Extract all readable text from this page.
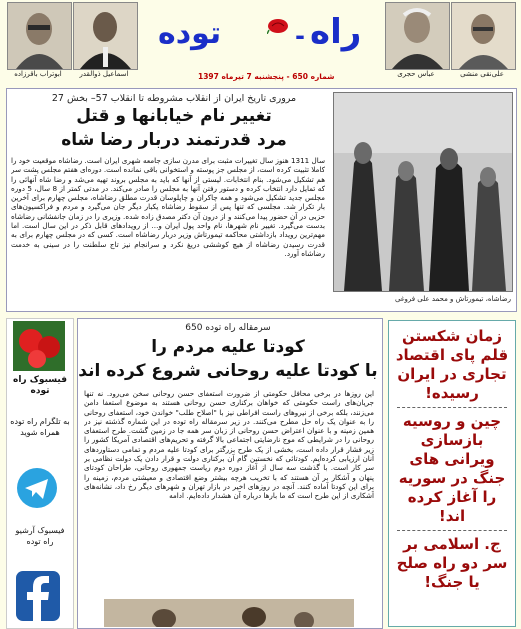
ابوتراب باقرزاده	اسماعیل ذوالقدر
راه
-
توده
شماره 650 - پنجشنبه 7 تیرماه 1397	عباس حجری	علی‌نقی منشی
مروری‌ تاریخ ایران از انقلاب مشروطه تا انقلاب 57– بخش 27
تغییر نام خیابانها و قتل
مرد قدرتمند دربار رضا شاه
سال 1311 هنوز سال تغییرات مثبت برای مدرن سازی جامعه شهری ایران است. رضاشاه موقعیت خود را کاملا تثبیت کرده است، از مجلس جز پوسته و استخوانی باقی نمانده است. دوره‌ای هفتم مجلس پشت سر هم تشکیل می‌شود. بنام انتخابات. لیستی از آنها که باید به مجلس بروند تهیه می‌شد و رضا شاه آنهائی را که تمایل دارد انتخاب کرده و دستور رفتن آنها به مجلس را صادر می‌کند. در مدتی کمتر از 8 سال، 5 دوره مجلس جدید تشکیل می‌شود و همه چاکران و چاپلوسان قدرت مطلق رضاشاه، مجلس چهارم برای آخرین بار تکرار شد. مجلسی که تنها پس از سقوط رضاشاه یکبار دیگر جان می‌گیرد و مردم و فراکسیون‌های حزبی در آن حضور پیدا می‌کنند و از درون آن دکتر مصدق زاده شده. وزیری را در زمان جانفشانی رضاشاه بدست می‌گیرد. تغییر نام شهرها، نام واحد پول ایران و... از رویدادهای قابل ذکر در این سال است. اما مهم‌ترین رویداد بازداشتی محاکمه تیمورتاش وزیر دربار رضاشاه است. کسی که در مجلس چهارم برای به قدرت رسیدن رضاشاه از هیچ کوششی دریغ نکرد و سرانجام نیز تاج سلطنت را در سینی به خدمت رضاشاه آورد.
رضاشاه، تیمورتاش و محمد علی فروغی
فیسبوک راه توده
به تلگرام راه توده همراه شوید
فیسبوک آرشیو راه توده
سرمقاله راه توده 650
کودتا علیه مردم را
با کودتا علیه روحانی شروع کرده اند
این روزها در برخی محافل حکومتی از ضرورت استعفای حسن روحانی سخن می‌رود. نه تنها جریان‌های راست حکومتی که خواهان برکناری حسن روحانی هستند به موضوع استعفا دامن می‌زنند، بلکه برخی از نیروهای راست افراطی نیز با "اصلاح طلب" خواندن خود، استعفای روحانی را به عنوان یک راه حل مطرح می‌کنند. در زیر سرمقاله راه توده در این شماره گذشته نیز در همین زمینه و با عنوان اعتراض حسن روحانی از زبان سر همه جا در زمین گشت. طرح استعفای روحانی را در شرایطی که موج نارضایتی اجتماعی بالا گرفته و تحریم‌های اقتصادی آمریکا کشور را زیر فشار قرار داده است، بخشی از یک طرح بزرگتر برای کودتا علیه مردم و تمامی دستاوردهای آنان ارزیابی کرده‌ایم. کودتائی که نخستین گام آن برکناری دولت و قرار دادن یک دولت نظامی بر سر کار است. با گذشت سه سال از آغاز دوره دوم ریاست جمهوری روحانی، طراحان کودتای پنهان و آشکار بر آن هستند که با تخریب هرچه بیشتر وضع اقتصادی و معیشتی مردم، زمینه را برای این کودتا آماده کنند. آنچه در روزهای اخیر در بازار تهران و شهرهای دیگر رخ داد، نشانه‌های آشکاری از این طرح است که ما بارها درباره آن هشدار داده‌ایم. ادامه
زمان شکستن قلم پای اقتصاد تجاری در ایران رسیده!
چین و روسیه بازسازی ویرانی های جنگ در سوریه را آغاز کرده اند!
ج. اسلامی بر سر دو راه صلح یا جنگ!
